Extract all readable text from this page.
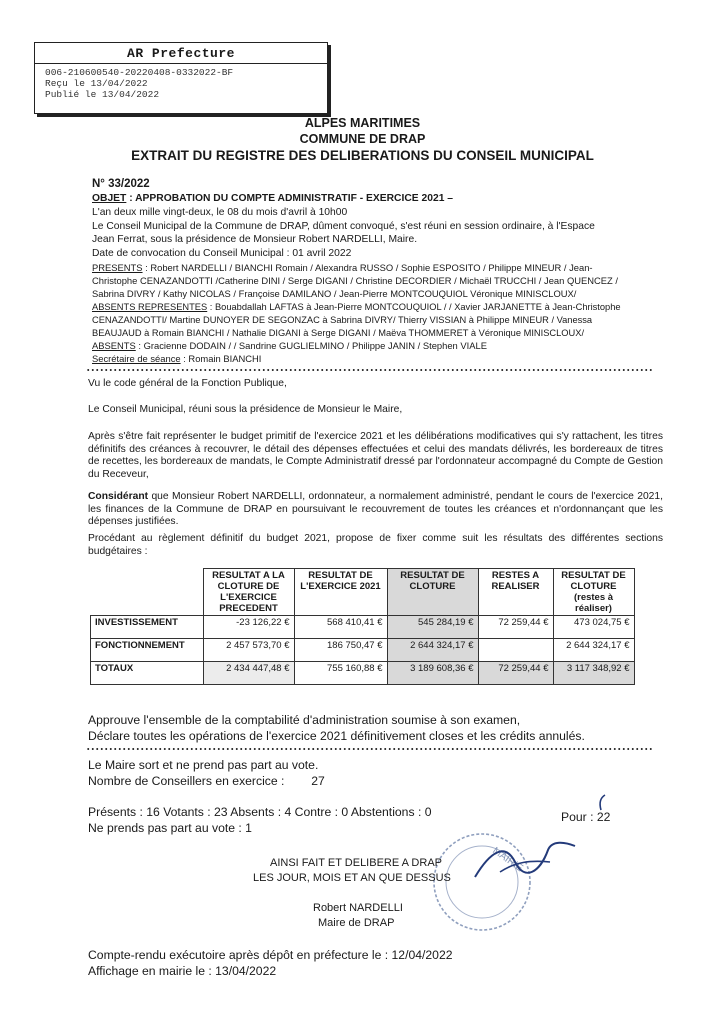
AR Prefecture
006-210600540-20220408-0332022-BF
Reçu le 13/04/2022
Publié le 13/04/2022
ALPES MARITIMES
COMMUNE DE DRAP
EXTRAIT DU REGISTRE DES DELIBERATIONS DU CONSEIL MUNICIPAL
N° 33/2022
OBJET : APPROBATION DU COMPTE ADMINISTRATIF - EXERCICE 2021 –
L'an deux mille vingt-deux, le 08 du mois d'avril à 10h00
Le Conseil Municipal de la Commune de DRAP, dûment convoqué, s'est réuni en session ordinaire, à l'Espace
Jean Ferrat, sous la présidence de Monsieur Robert NARDELLI, Maire.
Date de convocation du Conseil Municipal : 01 avril 2022
PRESENTS : Robert NARDELLI / BIANCHI Romain / Alexandra RUSSO / Sophie ESPOSITO / Philippe MINEUR / Jean-
Christophe CENAZANDOTTI /Catherine DINI / Serge DIGANI / Christine DECORDIER / Michaël TRUCCHI / Jean QUENCEZ /
Sabrina DIVRY / Kathy NICOLAS / Françoise DAMILANO / Jean-Pierre MONTCOUQUIOL Véronique MINISCLOUX/
ABSENTS REPRESENTES : Bouabdallah LAFTAS à Jean-Pierre MONTCOUQUIOL / / Xavier JARJANETTE à Jean-Christophe
CENAZANDOTTI/ Martine DUNOYER DE SEGONZAC à Sabrina DIVRY/ Thierry VISSIAN à Philippe MINEUR / Vanessa
BEAUJAUD à Romain BIANCHI / Nathalie DIGANI à Serge DIGANI / Maëva THOMMERET à Véronique MINISCLOUX/
ABSENTS : Gracienne DODAIN / / Sandrine GUGLIELMINO / Philippe JANIN / Stephen VIALE
Secrétaire de séance : Romain BIANCHI
Vu le code général de la Fonction Publique,
Le Conseil Municipal, réuni sous la présidence de Monsieur le Maire,
Après s'être fait représenter le budget primitif de l'exercice 2021 et les délibérations modificatives qui s'y rattachent, les titres définitifs des créances à recouvrer, le détail des dépenses effectuées et celui des mandats délivrés, les bordereaux de titres de recettes, les bordereaux de mandats, le Compte Administratif dressé par l'ordonnateur accompagné du Compte de Gestion du Receveur,
Considérant que Monsieur Robert NARDELLI, ordonnateur, a normalement administré, pendant le cours de l'exercice 2021, les finances de la Commune de DRAP en poursuivant le recouvrement de toutes les créances et n'ordonnançant que les dépenses justifiées.
Procédant au règlement définitif du budget 2021, propose de fixer comme suit les résultats des différentes sections budgétaires :
	RESULTAT A LA CLOTURE DE L'EXERCICE PRECEDENT	RESULTAT DE L'EXERCICE 2021	RESULTAT DE CLOTURE	RESTES A REALISER	RESULTAT DE CLOTURE (restes à réaliser)
INVESTISSEMENT	-23 126,22 €	568 410,41 €	545 284,19 €	72 259,44 €	473 024,75 €
FONCTIONNEMENT	2 457 573,70 €	186 750,47 €	2 644 324,17 €		2 644 324,17 €
TOTAUX	2 434 447,48 €	755 160,88 €	3 189 608,36 €	72 259,44 €	3 117 348,92 €
Approuve l'ensemble de la comptabilité d'administration soumise à son examen,
Déclare toutes les opérations de l'exercice 2021 définitivement closes et les crédits annulés.
Le Maire sort et ne prend pas part au vote.
Nombre de Conseillers en exercice : 27
Présents : 16 Votants : 23 Absents : 4 Contre : 0 Abstentions : 0	Pour : 22
Ne prends pas part au vote : 1
MAIRIE
AINSI FAIT ET DELIBERE A DRAP
LES JOUR, MOIS ET AN QUE DESSUS
Robert NARDELLI
Maire de DRAP
Compte-rendu exécutoire après dépôt en préfecture le : 12/04/2022
Affichage en mairie le : 13/04/2022
